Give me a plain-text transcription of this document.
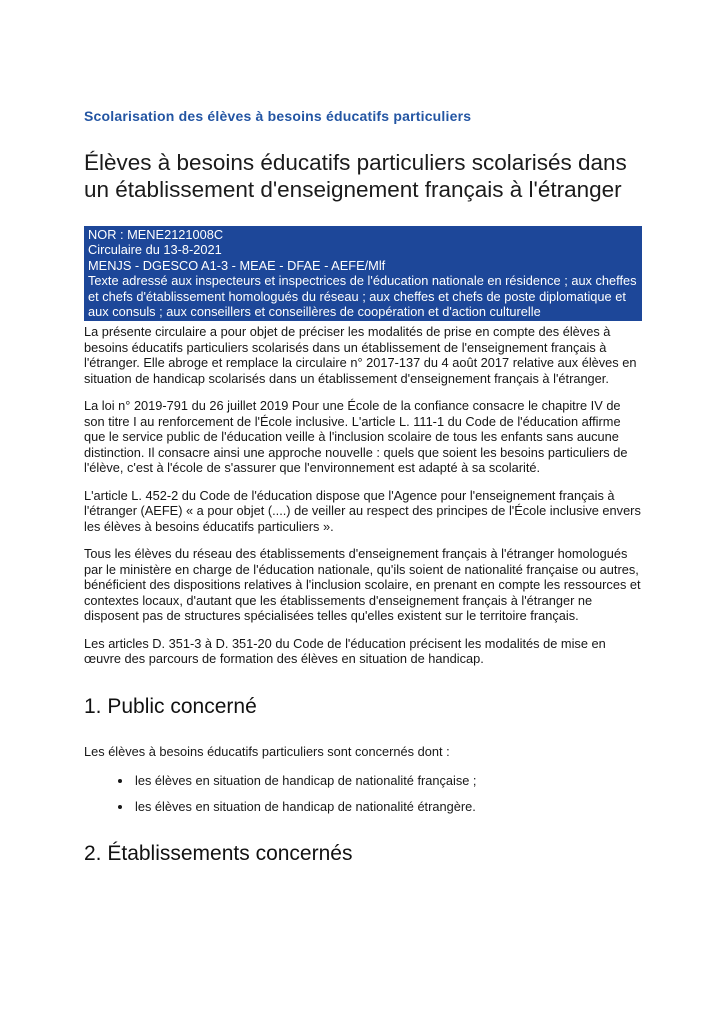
Scolarisation des élèves à besoins éducatifs particuliers
Élèves à besoins éducatifs particuliers scolarisés dans un établissement d'enseignement français à l'étranger
NOR : MENE2121008C
Circulaire du 13-8-2021
MENJS - DGESCO A1-3 - MEAE - DFAE - AEFE/Mlf
Texte adressé aux inspecteurs et inspectrices de l'éducation nationale en résidence ; aux cheffes et chefs d'établissement homologués du réseau ; aux cheffes et chefs de poste diplomatique et aux consuls ; aux conseillers et conseillères de coopération et d'action culturelle

La présente circulaire a pour objet de préciser les modalités de prise en compte des élèves à besoins éducatifs particuliers scolarisés dans un établissement de l'enseignement français à l'étranger. Elle abroge et remplace la circulaire n° 2017-137 du 4 août 2017 relative aux élèves en situation de handicap scolarisés dans un établissement d'enseignement français à l'étranger.

La loi n° 2019-791 du 26 juillet 2019 Pour une École de la confiance consacre le chapitre IV de son titre I au renforcement de l'École inclusive. L'article L. 111-1 du Code de l'éducation affirme que le service public de l'éducation veille à l'inclusion scolaire de tous les enfants sans aucune distinction. Il consacre ainsi une approche nouvelle : quels que soient les besoins particuliers de l'élève, c'est à l'école de s'assurer que l'environnement est adapté à sa scolarité.

L'article L. 452-2 du Code de l'éducation dispose que l'Agence pour l'enseignement français à l'étranger (AEFE) « a pour objet (....) de veiller au respect des principes de l'École inclusive envers les élèves à besoins éducatifs particuliers ».

Tous les élèves du réseau des établissements d'enseignement français à l'étranger homologués par le ministère en charge de l'éducation nationale, qu'ils soient de nationalité française ou autres, bénéficient des dispositions relatives à l'inclusion scolaire, en prenant en compte les ressources et contextes locaux, d'autant que les établissements d'enseignement français à l'étranger ne disposent pas de structures spécialisées telles qu'elles existent sur le territoire français.

Les articles D. 351-3 à D. 351-20 du Code de l'éducation précisent les modalités de mise en œuvre des parcours de formation des élèves en situation de handicap.

1. Public concerné

Les élèves à besoins éducatifs particuliers sont concernés dont :

• les élèves en situation de handicap de nationalité française ;
• les élèves en situation de handicap de nationalité étrangère.
2. Établissements concernés
